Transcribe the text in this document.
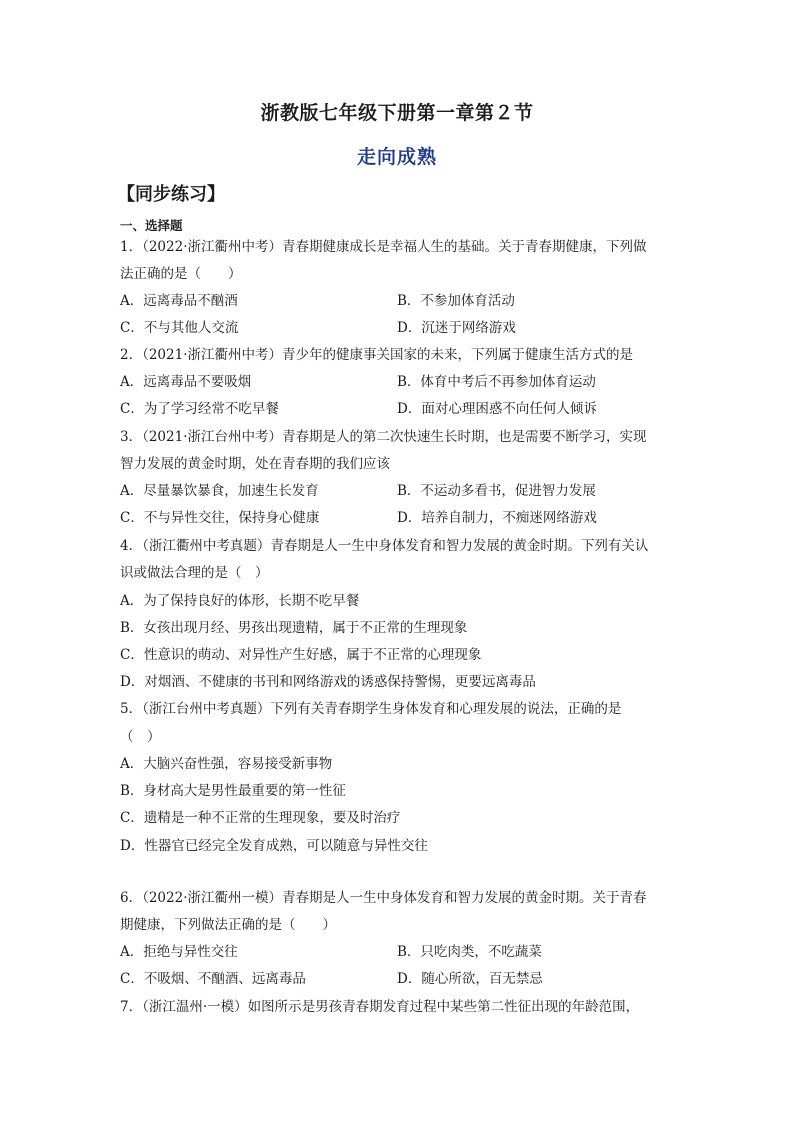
浙教版七年级下册第一章第２节
走向成熟
【同步练习】
一、选择题
1．（2022·浙江衢州中考）青春期健康成长是幸福人生的基础。关于青春期健康，下列做
法正确的是（　　）
A．远离毒品不酗酒	B．不参加体育活动
C．不与其他人交流	D．沉迷于网络游戏
2．（2021·浙江衢州中考）青少年的健康事关国家的未来，下列属于健康生活方式的是
A．远离毒品不要吸烟	B．体育中考后不再参加体育运动
C．为了学习经常不吃早餐	D．面对心理困惑不向任何人倾诉
3．（2021·浙江台州中考）青春期是人的第二次快速生长时期，也是需要不断学习，实现
智力发展的黄金时期，处在青春期的我们应该
A．尽量暴饮暴食，加速生长发育	B．不运动多看书，促进智力发展
C．不与异性交往，保持身心健康	D．培养自制力，不痴迷网络游戏
4．（浙江衢州中考真题）青春期是人一生中身体发育和智力发展的黄金时期。下列有关认
识或做法合理的是（　）
A．为了保持良好的体形，长期不吃早餐
B．女孩出现月经、男孩出现遗精，属于不正常的生理现象
C．性意识的萌动、对异性产生好感，属于不正常的心理现象
D．对烟酒、不健康的书刊和网络游戏的诱惑保持警惕，更要远离毒品
5．（浙江台州中考真题）下列有关青春期学生身体发育和心理发展的说法，正确的是
（　）
A．大脑兴奋性强，容易接受新事物
B．身材高大是男性最重要的第一性征
C．遗精是一种不正常的生理现象，要及时治疗
D．性器官已经完全发育成熟，可以随意与异性交往
6．（2022·浙江衢州一模）青春期是人一生中身体发育和智力发展的黄金时期。关于青春
期健康，下列做法正确的是（　　）
A．拒绝与异性交往	B．只吃肉类，不吃蔬菜
C．不吸烟、不酗酒、远离毒品	D．随心所欲，百无禁忌
7．（浙江温州·一模）如图所示是男孩青春期发育过程中某些第二性征出现的年龄范围，
